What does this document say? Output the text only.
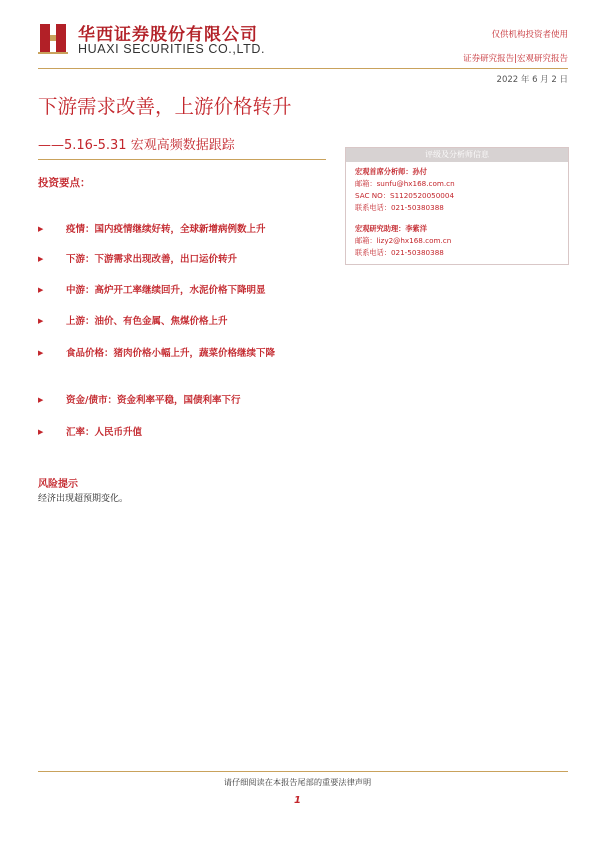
华西证券股份有限公司
HUAXI SECURITIES CO.,LTD.
仅供机构投资者使用
证券研究报告|宏观研究报告
2022 年 6 月 2 日
下游需求改善，上游价格转升
——5.16-5.31 宏观高频数据跟踪
投资要点：
▶ 疫情：国内疫情继续好转，全球新增病例数上升
▶ 下游：下游需求出现改善，出口运价转升
▶ 中游：高炉开工率继续回升，水泥价格下降明显
▶ 上游：油价、有色金属、焦煤价格上升
▶ 食品价格：猪肉价格小幅上升，蔬菜价格继续下降
▶ 资金/债市：资金利率平稳，国债利率下行
▶ 汇率：人民币升值
评级及分析师信息
宏观首席分析师：孙付
邮箱：sunfu@hx168.com.cn
SAC NO：S1120520050004
联系电话：021-50380388
宏观研究助理：李紫洋
邮箱：lizy2@hx168.com.cn
联系电话：021-50380388
风险提示
经济出现超预期变化。
请仔细阅读在本报告尾部的重要法律声明
1
